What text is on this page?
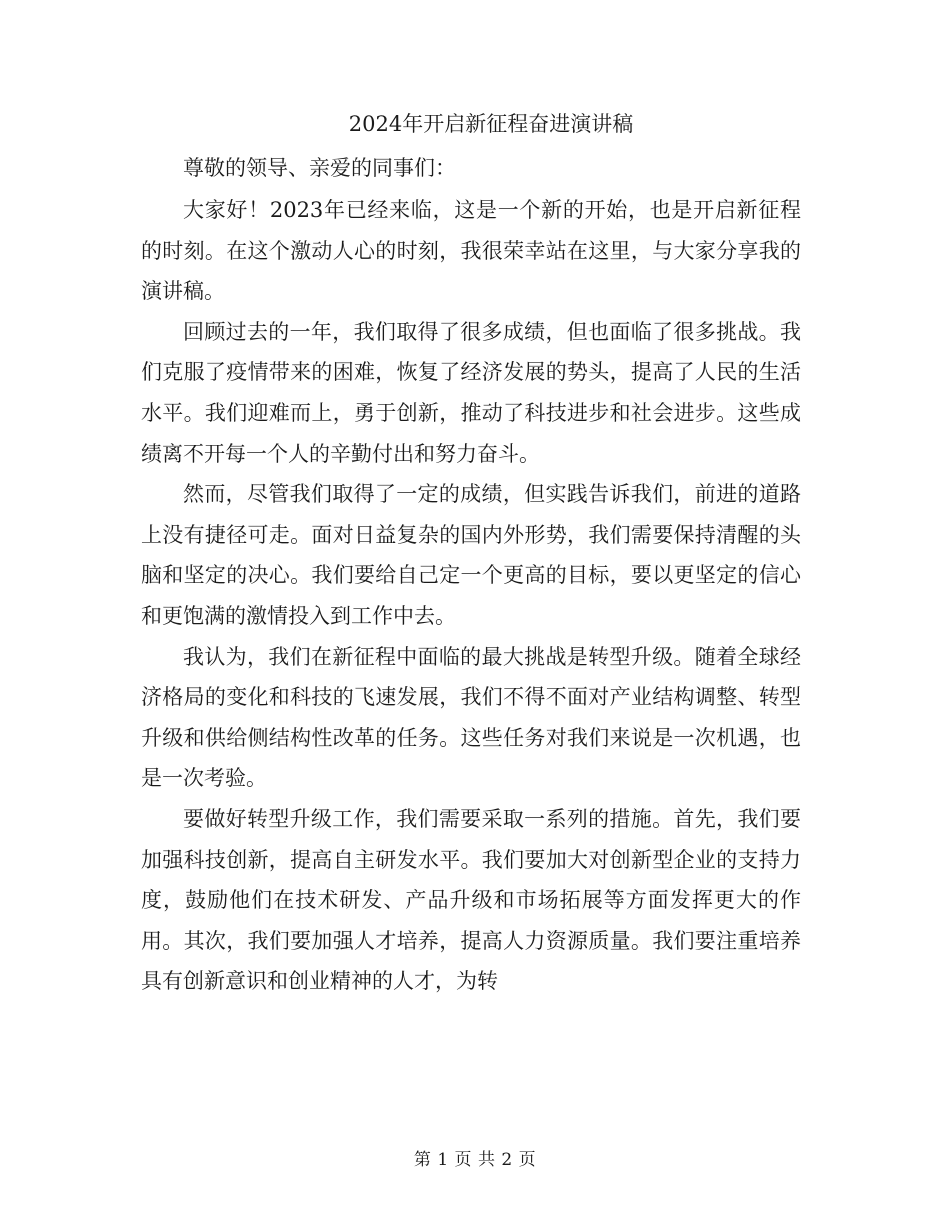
2024年开启新征程奋进演讲稿

尊敬的领导、亲爱的同事们：

大家好！2023年已经来临，这是一个新的开始，也是开启新征程的时刻。在这个激动人心的时刻，我很荣幸站在这里，与大家分享我的演讲稿。

回顾过去的一年，我们取得了很多成绩，但也面临了很多挑战。我们克服了疫情带来的困难，恢复了经济发展的势头，提高了人民的生活水平。我们迎难而上，勇于创新，推动了科技进步和社会进步。这些成绩离不开每一个人的辛勤付出和努力奋斗。

然而，尽管我们取得了一定的成绩，但实践告诉我们，前进的道路上没有捷径可走。面对日益复杂的国内外形势，我们需要保持清醒的头脑和坚定的决心。我们要给自己定一个更高的目标，要以更坚定的信心和更饱满的激情投入到工作中去。

我认为，我们在新征程中面临的最大挑战是转型升级。随着全球经济格局的变化和科技的飞速发展，我们不得不面对产业结构调整、转型升级和供给侧结构性改革的任务。这些任务对我们来说是一次机遇，也是一次考验。

要做好转型升级工作，我们需要采取一系列的措施。首先，我们要加强科技创新，提高自主研发水平。我们要加大对创新型企业的支持力度，鼓励他们在技术研发、产品升级和市场拓展等方面发挥更大的作用。其次，我们要加强人才培养，提高人力资源质量。我们要注重培养具有创新意识和创业精神的人才，为转

第 1 页 共 2 页
